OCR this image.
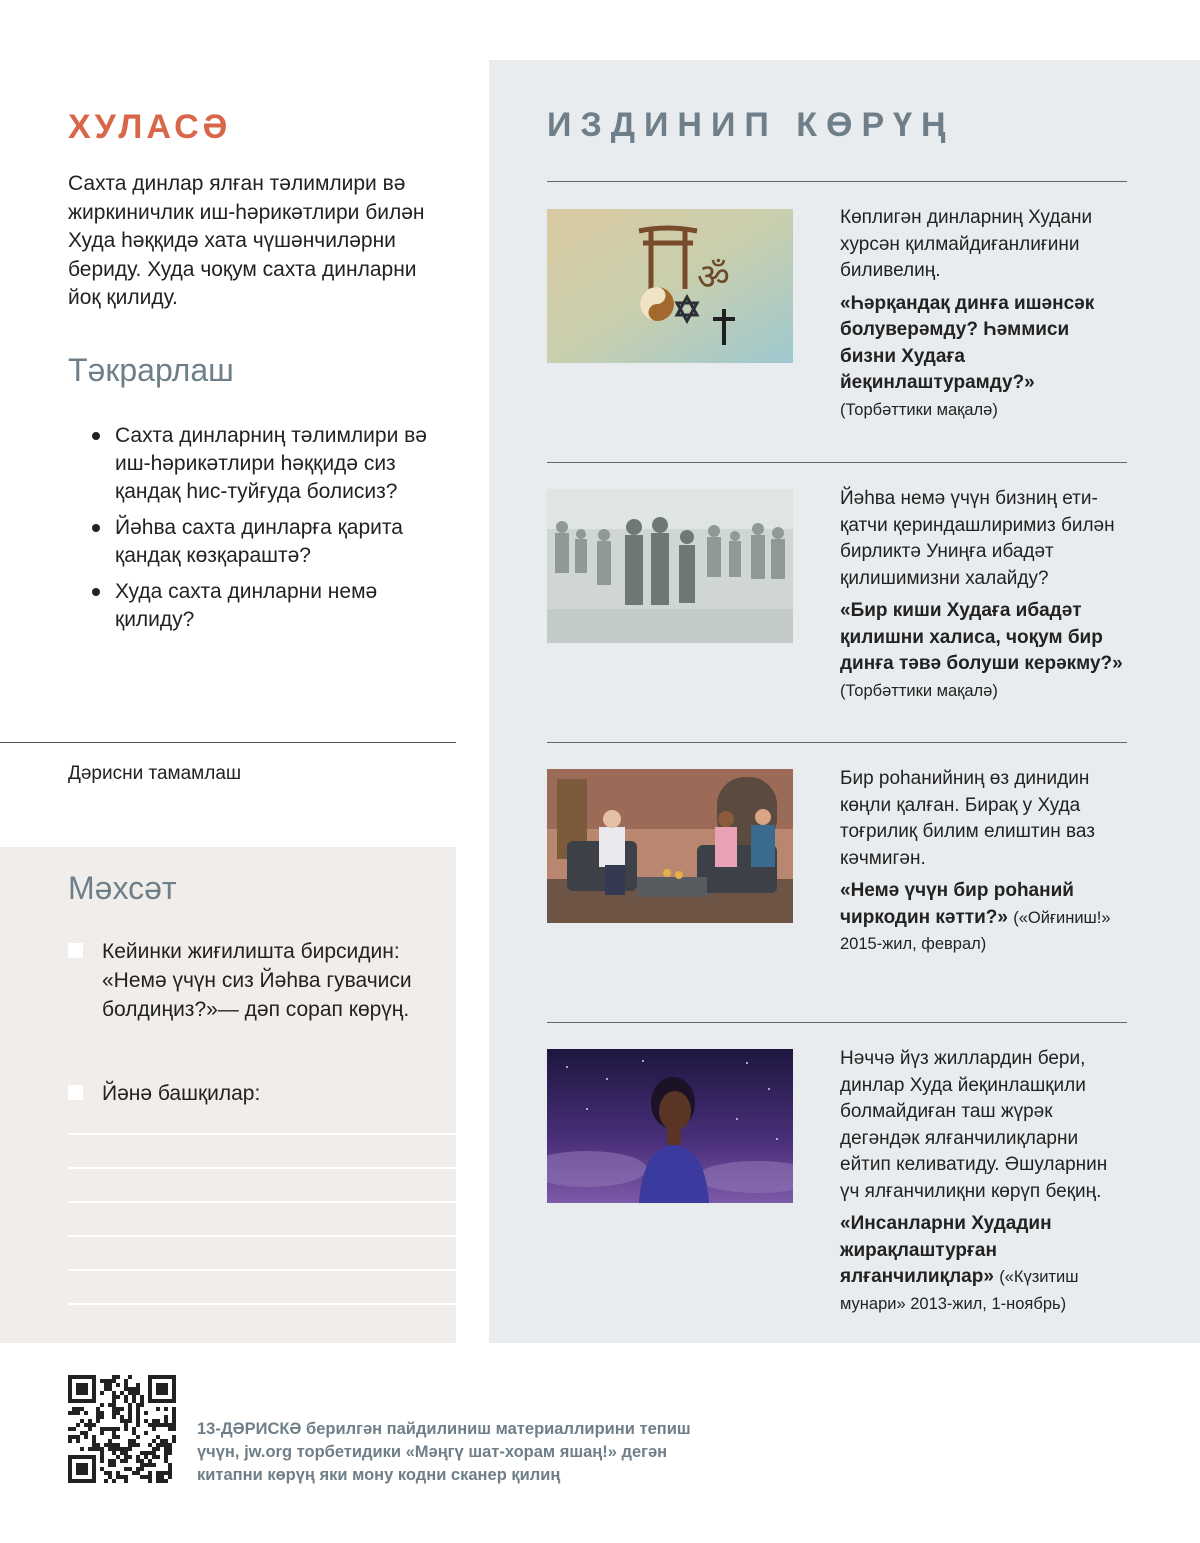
ХУЛАСӘ

Сахта динлар ялған тәлимлири вә жиркиничлик иш-һәрикәтлири билән Худа һәққидә хата чүшәнчиләрни бериду. Худа чоқум сахта динларни йоқ қилиду.

Тәкрарлаш
Сахта динларниң тәлимлири вә иш-һәрикәтлири һәққидә сиз қандақ һис-туйғуда болисиз?
Йәһва сахта динларға қарита қандақ көзқараштә?
Худа сахта динларни немә қилиду?

Дәрисни тамамлаш

Мәхсәт
Кейинки жиғилишта бирсидин: «Немә үчүн сиз Йәһва гувачиси болдиңиз?»— дәп сорап көрүң.
Йәнә башқилар:
ИЗДИНИП КӨРҮҢ
ॐ
Көплигән динларниң Худани хурсән қилмайдиғанлиғини биливелиң.
«Һәрқандақ динға ишәнсәк болуверәмду? Һәммиси бизни Худаға йеқинлаштурамду?» (Торбәттики мақалә)
Йәһва немә үчүн бизниң етиқатчи қериндашлиримиз билән бирликтә Униңға ибадәт қилишимизни халайду?
«Бир киши Худаға ибадәт қилишни халиса, чоқум бир динға тәвә болуши керәкму?» (Торбәттики мақалә)
Бир роһанийниң өз динидин көңли қалған. Бирақ у Худа тоғрилиқ билим елиштин ваз кәчмигән.
«Немә үчүн бир роһаний чиркодин кәтти?» («Ойғиниш!» 2015-жил, феврал)
Нәччә йүз жиллардин бери, динлар Худа йеқинлашқили болмайдиған таш жүрәк дегәндәк ялғанчилиқларни ейтип келиватиду. Әшуларнин үч ялғанчилиқни көрүп беқиң.
«Инсанларни Худадин жирақлаштурған ялғанчилиқлар» («Күзитиш мунари» 2013-жил, 1-ноябрь)

13-ДӘРИСКӘ берилгән пайдилиниш материаллирини тепиш үчүн, jw.org торбетидики «Мәңгү шат-хорам яшаң!» дегән китапни көрүң яки мону кодни сканер қилиң
